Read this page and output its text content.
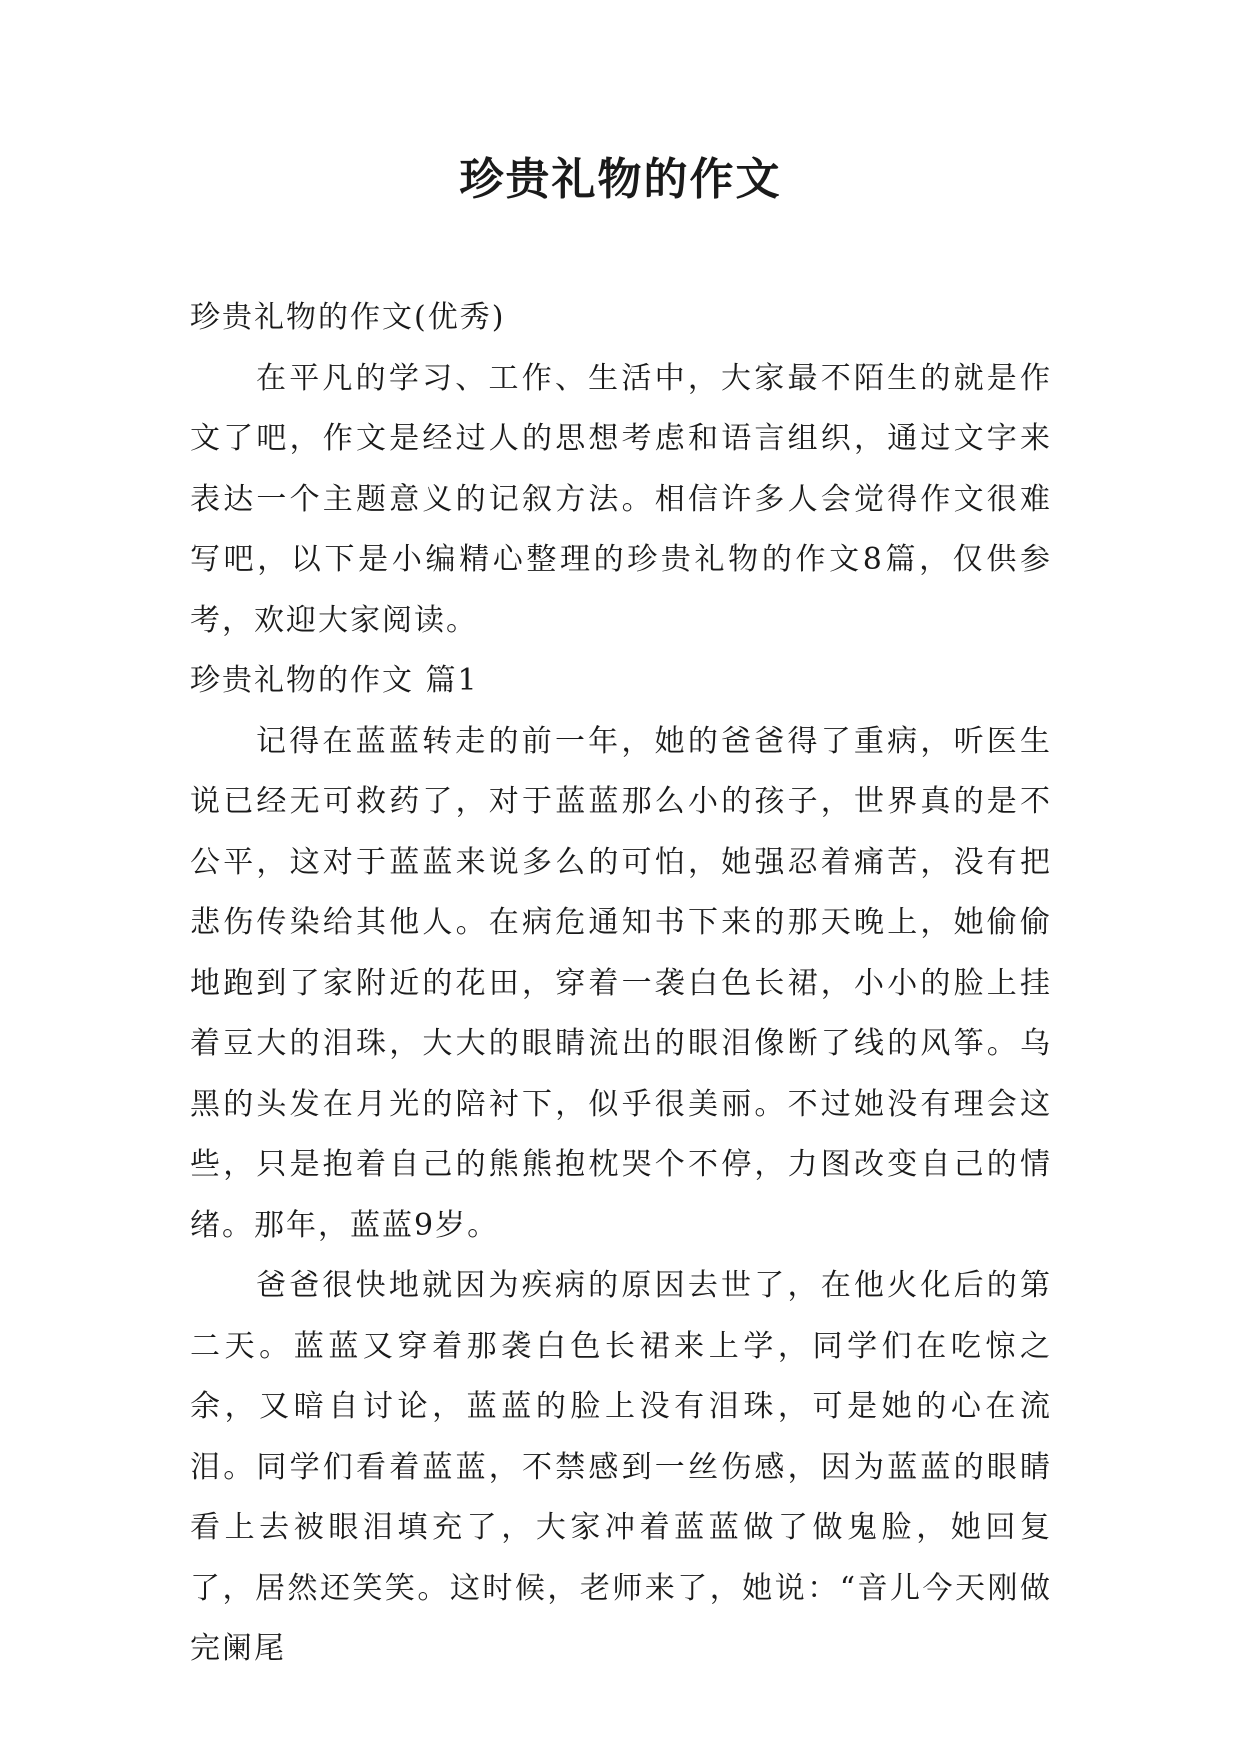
珍贵礼物的作文

珍贵礼物的作文(优秀)

在平凡的学习、工作、生活中，大家最不陌生的就是作文了吧，作文是经过人的思想考虑和语言组织，通过文字来表达一个主题意义的记叙方法。相信许多人会觉得作文很难写吧，以下是小编精心整理的珍贵礼物的作文8篇，仅供参考，欢迎大家阅读。

珍贵礼物的作文 篇1

记得在蓝蓝转走的前一年，她的爸爸得了重病，听医生说已经无可救药了，对于蓝蓝那么小的孩子，世界真的是不公平，这对于蓝蓝来说多么的可怕，她强忍着痛苦，没有把悲伤传染给其他人。在病危通知书下来的那天晚上，她偷偷地跑到了家附近的花田，穿着一袭白色长裙，小小的脸上挂着豆大的泪珠，大大的眼睛流出的眼泪像断了线的风筝。乌黑的头发在月光的陪衬下，似乎很美丽。不过她没有理会这些，只是抱着自己的熊熊抱枕哭个不停，力图改变自己的情绪。那年，蓝蓝9岁。

爸爸很快地就因为疾病的原因去世了，在他火化后的第二天。蓝蓝又穿着那袭白色长裙来上学，同学们在吃惊之余，又暗自讨论，蓝蓝的脸上没有泪珠，可是她的心在流泪。同学们看着蓝蓝，不禁感到一丝伤感，因为蓝蓝的眼睛看上去被眼泪填充了，大家冲着蓝蓝做了做鬼脸，她回复了，居然还笑笑。这时候，老师来了，她说：“音儿今天刚做完阑尾
